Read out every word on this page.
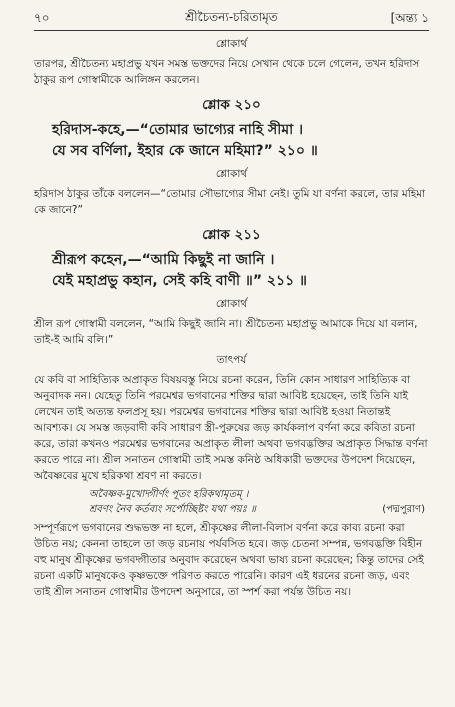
৭০	শ্রীচৈতন্য-চরিতামৃত	[অন্ত্য ১
শ্লোকার্থ

তারপর, শ্রীচৈতন্য মহাপ্রভু যখন সমস্ত ভক্তদের নিয়ে সেখান থেকে চলে গেলেন, তখন হরিদাস ঠাকুর রূপ গোস্বামীকে আলিঙ্গন করলেন।

শ্লোক ২১০
হরিদাস-কহে,—“তোমার ভাগ্যের নাহি সীমা ।
যে সব বর্ণিলা, ইহার কে জানে মহিমা?” ২১০ ॥
শ্লোকার্থ

হরিদাস ঠাকুর তাঁকে বললেন—“তোমার সৌভাগ্যের সীমা নেই। তুমি যা বর্ণনা করলে, তার মহিমা কে জানে?”

শ্লোক ২১১
শ্রীরূপ কহেন,—“আমি কিছুই না জানি ।
যেই মহাপ্রভু কহান, সেই কহি বাণী ॥” ২১১ ॥
শ্লোকার্থ

শ্রীল রূপ গোস্বামী বললেন, “আমি কিছুই জানি না। শ্রীচৈতন্য মহাপ্রভু আমাকে দিয়ে যা বলান, তাই-ই আমি বলি।”

তাৎপর্য

যে কবি বা সাহিত্যিক অপ্রাকৃত বিষয়বস্তু নিয়ে রচনা করেন, তিনি কোন সাধারণ সাহিত্যিক বা অনুবাদক নন। যেহেতু তিনি পরমেশ্বর ভগবানের শক্তির দ্বারা আবিষ্ট হয়েছেন, তাই তিনি যাই লেখেন তাই অত্যন্ত ফলপ্রসূ হয়। পরমেশ্বর ভগবানের শক্তির দ্বারা আবিষ্ট হওয়া নিতান্তই আবশ্যক। যে সমস্ত জড়বাদী কবি সাধারণ স্ত্রী-পুরুষের জড় কার্যকলাপ বর্ণনা করে কবিতা রচনা করে, তারা কখনও পরমেশ্বর ভগবানের অপ্রাকৃত লীলা অথবা ভগবদ্ভক্তির অপ্রাকৃত সিদ্ধান্ত বর্ণনা করতে পারে না। শ্রীল সনাতন গোস্বামী তাই সমস্ত কনিষ্ঠ অধিকারী ভক্তদের উপদেশ দিয়েছেন, অবৈষ্ণবের মুখে হরিকথা শ্রবণ না করতে।

অবৈষ্ণব-মুখোদ্গীর্ণং পূতং হরিকথামৃতম্ ।
শ্রবণং নৈব কর্তব্যং সর্পোচ্ছিষ্টং যথা পয়ঃ ॥	(পদ্মপুরাণ)

সম্পূর্ণরূপে ভগবানের শুদ্ধভক্ত না হলে, শ্রীকৃষ্ণের লীলা-বিলাস বর্ণনা করে কাব্য রচনা করা উচিত নয়; কেননা তাহলে তা জড় রচনায় পর্যবসিত হবে। জড় চেতনা সম্পন্ন, ভগবদ্ভক্তি বিহীন বহু মানুষ শ্রীকৃষ্ণের ভগবদ্গীতার অনুবাদ করেছেন অথবা ভাষ্য রচনা করেছেন; কিন্তু তাদের সেই রচনা একটি মানুষকেও কৃষ্ণভক্তে পরিণত করতে পারেনি। কারণ এই ধরনের রচনা জড়, এবং তাই শ্রীল সনাতন গোস্বামীর উপদেশ অনুসারে, তা স্পর্শ করা পর্যন্ত উচিত নয়।
